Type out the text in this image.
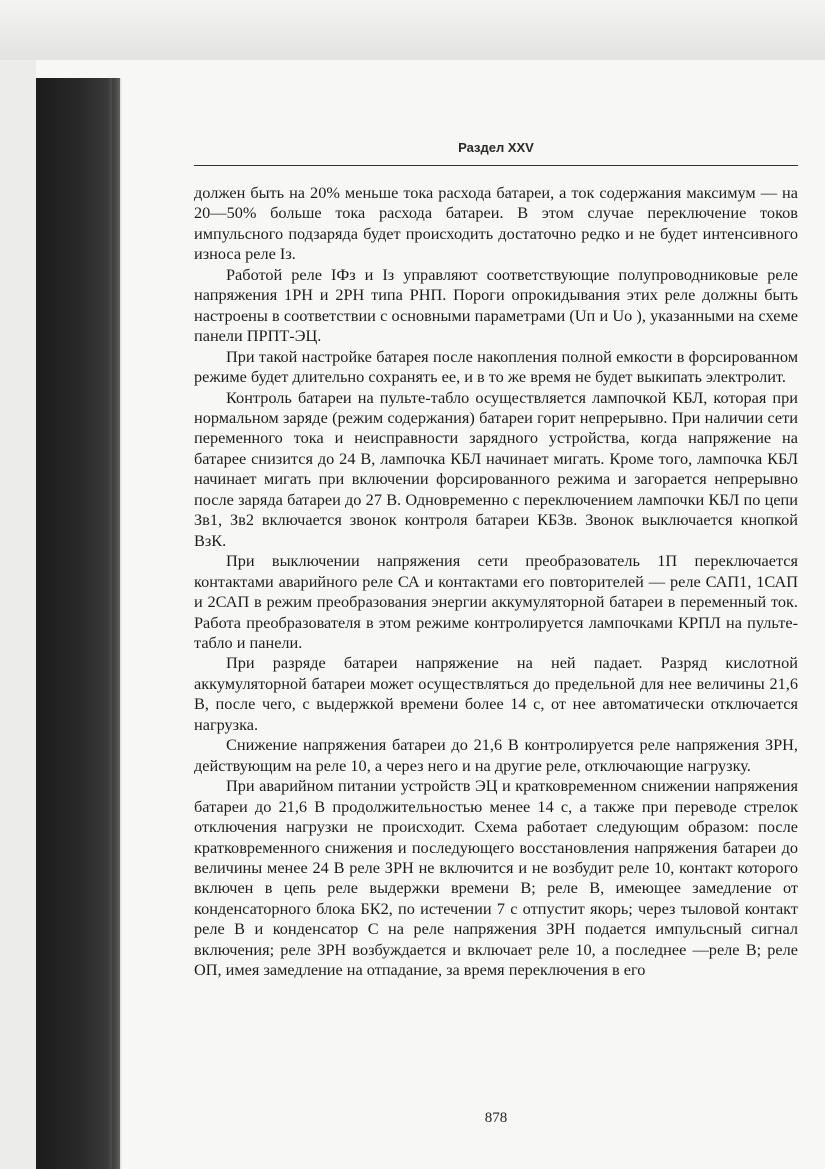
Раздел XXV

должен быть на 20% меньше тока расхода батареи, а ток содержания максимум — на 20—50% больше тока расхода батареи. В этом случае переключение токов импульсного подзаряда будет происходить достаточно редко и не будет интенсивного износа реле Iз.

Работой реле IФз и Iз управляют соответствующие полупроводниковые реле напряжения 1РН и 2РН типа РНП. Пороги опрокидывания этих реле должны быть настроены в соответствии с основными параметрами (Uп и Uо ), указанными на схеме панели ПРПТ-ЭЦ.

При такой настройке батарея после накопления полной емкости в форсированном режиме будет длительно сохранять ее, и в то же время не будет выкипать электролит.

Контроль батареи на пульте-табло осуществляется лампочкой КБЛ, которая при нормальном заряде (режим содержания) батареи горит непрерывно. При наличии сети переменного тока и неисправности зарядного устройства, когда напряжение на батарее снизится до 24 В, лампочка КБЛ начинает мигать. Кроме того, лампочка КБЛ начинает мигать при включении форсированного режима и загорается непрерывно после заряда батареи до 27 В. Одновременно с переключением лампочки КБЛ по цепи Зв1, Зв2 включается звонок контроля батареи КБЗв. Звонок выключается кнопкой ВзК.

При выключении напряжения сети преобразователь 1П переключается контактами аварийного реле СА и контактами его повторителей — реле САП1, 1САП и 2САП в режим преобразования энергии аккумуляторной батареи в переменный ток. Работа преобразователя в этом режиме контролируется лампочками КРПЛ на пульте-табло и панели.

При разряде батареи напряжение на ней падает. Разряд кислотной аккумуляторной батареи может осуществляться до предельной для нее величины 21,6 В, после чего, с выдержкой времени более 14 с, от нее автоматически отключается нагрузка.

Снижение напряжения батареи до 21,6 В контролируется реле напряжения ЗРН, действующим на реле 10, а через него и на другие реле, отключающие нагрузку.

При аварийном питании устройств ЭЦ и кратковременном снижении напряжения батареи до 21,6 В продолжительностью менее 14 с, а также при переводе стрелок отключения нагрузки не происходит. Схема работает следующим образом: после кратковременного снижения и последующего восстановления напряжения батареи до величины менее 24 В реле ЗРН не включится и не возбудит реле 10, контакт которого включен в цепь реле выдержки времени В; реле В, имеющее замедление от конденсаторного блока БК2, по истечении 7 с отпустит якорь; через тыловой контакт реле В и конденсатор С на реле напряжения ЗРН подается импульсный сигнал включения; реле ЗРН возбуждается и включает реле 10, а последнее —реле В; реле ОП, имея замедление на отпадание, за время переключения в его

878
